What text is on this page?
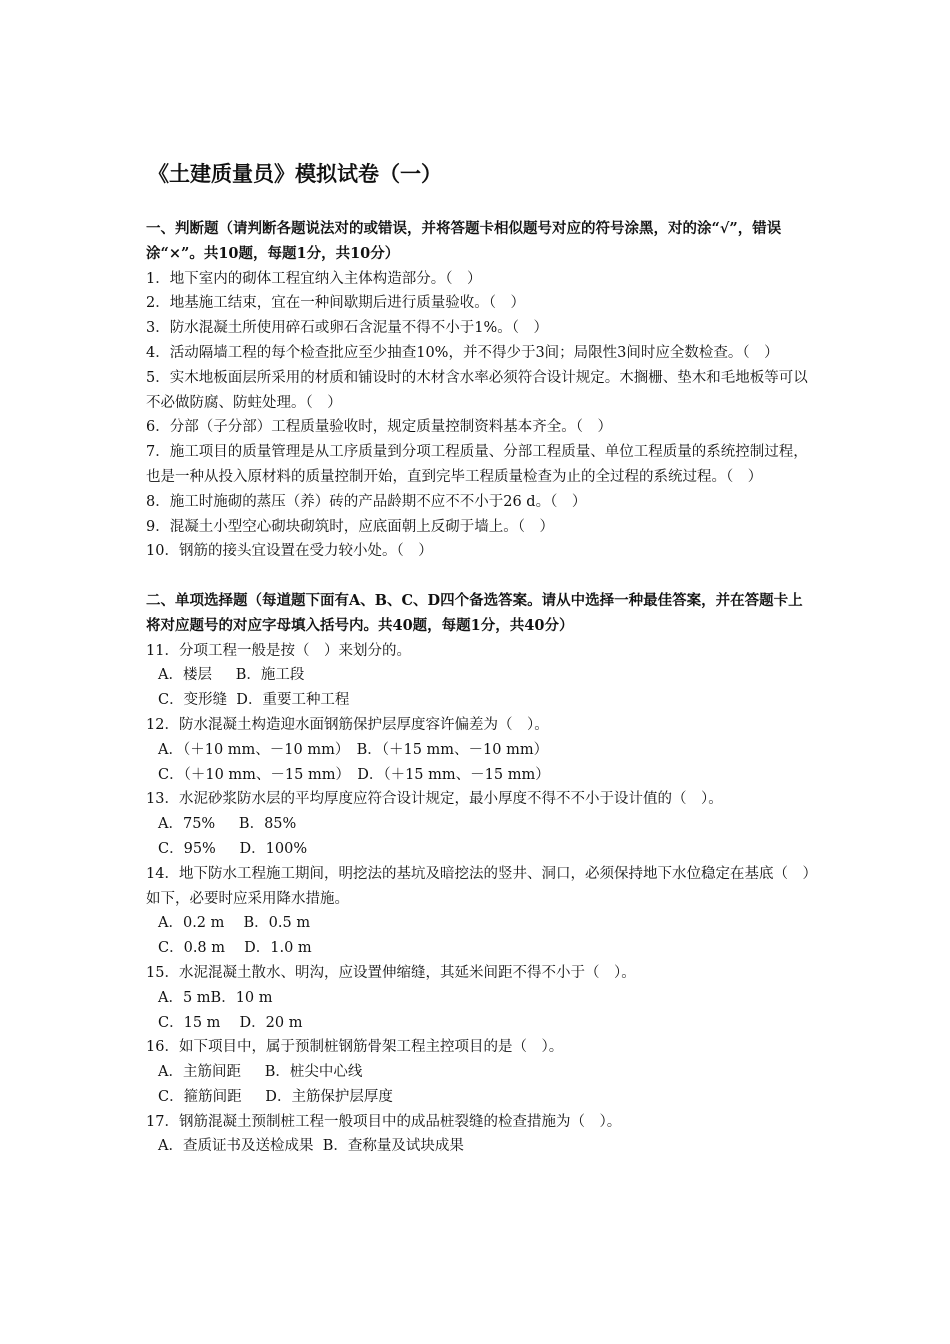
《土建质量员》模拟试卷（一）

一、判断题（请判断各题说法对的或错误，并将答题卡相似题号对应的符号涂黑，对的涂“√”，错误涂“×”。共10题，每题1分，共10分）

1．地下室内的砌体工程宜纳入主体构造部分。（　）

2．地基施工结束，宜在一种间歇期后进行质量验收。（　）

3．防水混凝土所使用碎石或卵石含泥量不得不小于1%。（　）

4．活动隔墙工程的每个检查批应至少抽查10%，并不得少于3间；局限性3间时应全数检查。（　）

5．实木地板面层所采用的材质和铺设时的木材含水率必须符合设计规定。木搁栅、垫木和毛地板等可以不必做防腐、防蛀处理。（　）

6．分部（子分部）工程质量验收时，规定质量控制资料基本齐全。（　）

7．施工项目的质量管理是从工序质量到分项工程质量、分部工程质量、单位工程质量的系统控制过程，也是一种从投入原材料的质量控制开始，直到完毕工程质量检查为止的全过程的系统过程。（　）

8．施工时施砌的蒸压（养）砖的产品龄期不应不不小于26 d。（　）

9．混凝土小型空心砌块砌筑时，应底面朝上反砌于墙上。（　）

10．钢筋的接头宜设置在受力较小处。（　）

二、单项选择题（每道题下面有A、B、C、D四个备选答案。请从中选择一种最佳答案，并在答题卡上将对应题号的对应字母填入括号内。共40题，每题1分，共40分）

11．分项工程一般是按（　）来划分的。

A．楼层　  B．施工段

C．变形缝  D．重要工种工程

12．防水混凝土构造迎水面钢筋保护层厚度容许偏差为（　）。

A．（＋10 mm、－10 mm）　B．（＋15 mm、－10 mm）

C．（＋10 mm、－15 mm）　D．（＋15 mm、－15 mm）

13．水泥砂浆防水层的平均厚度应符合设计规定，最小厚度不得不不小于设计值的（　）。

A．75%　  B．85%

C．95%　  D．100%

14．地下防水工程施工期间，明挖法的基坑及暗挖法的竖井、洞口，必须保持地下水位稳定在基底（　）如下，必要时应采用降水措施。

A．0.2 m　 B．0.5 m

C．0.8 m　 D．1.0 m

15．水泥混凝土散水、明沟，应设置伸缩缝，其延米间距不得不小于（　）。

A．5 mB．10 m

C．15 m　 D．20 m

16．如下项目中，属于预制桩钢筋骨架工程主控项目的是（　）。

A．主筋间距　  B．桩尖中心线

C．箍筋间距　  D．主筋保护层厚度

17．钢筋混凝土预制桩工程一般项目中的成品桩裂缝的检查措施为（　）。

A．查质证书及送检成果  B．查称量及试块成果
